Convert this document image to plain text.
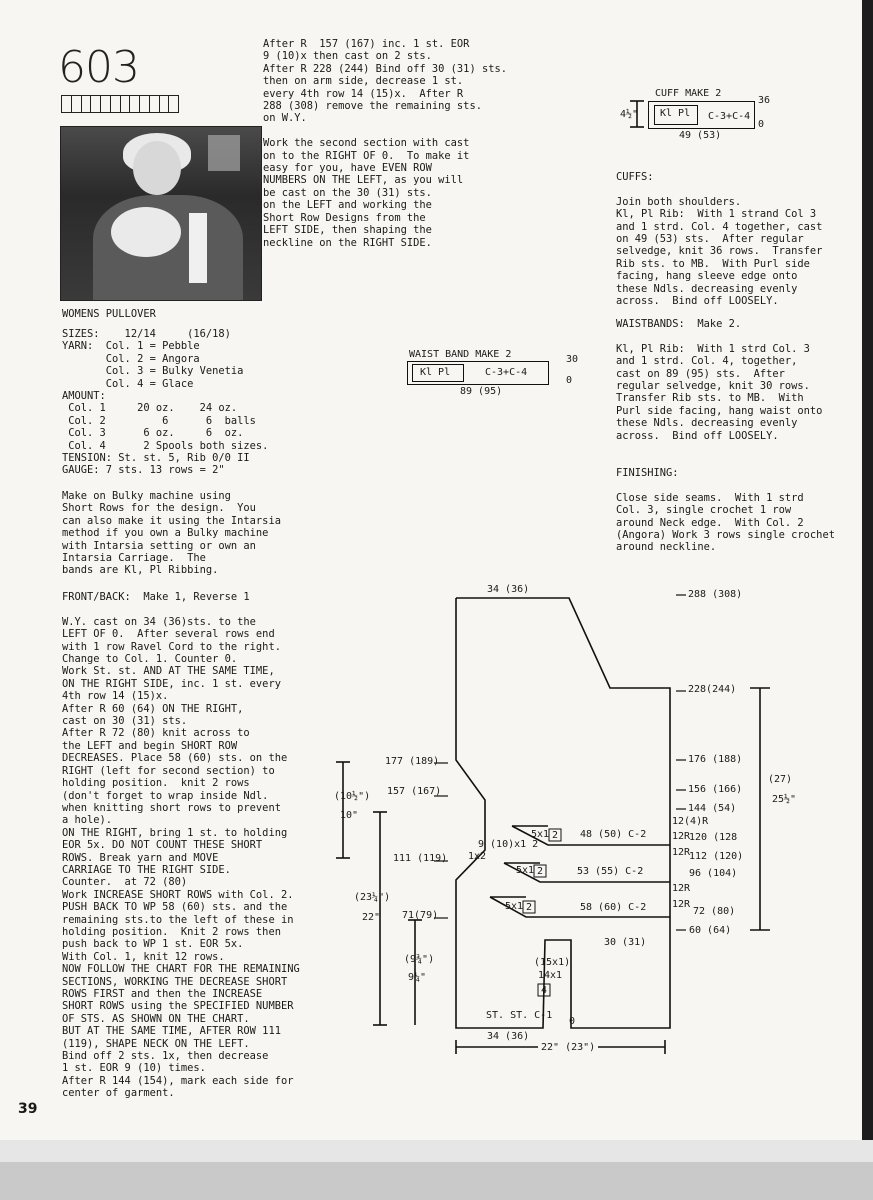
603
WOMENS PULLOVER
SIZES:    12/14     (16/18)
YARN:  Col. 1 = Pebble
Col. 2 = Angora
Col. 3 = Bulky Venetia
Col. 4 = Glace
AMOUNT:
Col. 1     20 oz.    24 oz.
Col. 2         6      6  balls
Col. 3      6 oz.     6  oz.
Col. 4      2 Spools both sizes.
TENSION: St. st. 5, Rib 0/0 II
GAUGE: 7 sts. 13 rows = 2"
Make on Bulky machine using
Short Rows for the design.  You
can also make it using the Intarsia
method if you own a Bulky machine
with Intarsia setting or own an
Intarsia Carriage.  The
bands are Kl, Pl Ribbing.
FRONT/BACK:  Make 1, Reverse 1

W.Y. cast on 34 (36)sts. to the
LEFT OF 0.  After several rows end
with 1 row Ravel Cord to the right.
Change to Col. 1. Counter 0.
Work St. st. AND AT THE SAME TIME,
ON THE RIGHT SIDE, inc. 1 st. every
4th row 14 (15)x.
After R 60 (64) ON THE RIGHT,
cast on 30 (31) sts.
After R 72 (80) knit across to
the LEFT and begin SHORT ROW
DECREASES. Place 58 (60) sts. on the
RIGHT (left for second section) to
holding position.  knit 2 rows
(don't forget to wrap inside Ndl.
when knitting short rows to prevent
a hole).
ON THE RIGHT, bring 1 st. to holding
EOR 5x. DO NOT COUNT THESE SHORT
ROWS. Break yarn and MOVE
CARRIAGE TO THE RIGHT SIDE.
Counter.  at 72 (80)
Work INCREASE SHORT ROWS with Col. 2.
PUSH BACK TO WP 58 (60) sts. and the
remaining sts.to the left of these in
holding position.  Knit 2 rows then
push back to WP 1 st. EOR 5x.
With Col. 1, knit 12 rows.
NOW FOLLOW THE CHART FOR THE REMAINING
SECTIONS, WORKING THE DECREASE SHORT
ROWS FIRST and then the INCREASE
SHORT ROWS using the SPECIFIED NUMBER
OF STS. AS SHOWN ON THE CHART.
BUT AT THE SAME TIME, AFTER ROW 111
(119), SHAPE NECK ON THE LEFT.
Bind off 2 sts. 1x, then decrease
1 st. EOR 9 (10) times.
After R 144 (154), mark each side for
center of garment.
After R  157 (167) inc. 1 st. EOR
9 (10)x then cast on 2 sts.
After R 228 (244) Bind off 30 (31) sts.
then on arm side, decrease 1 st.
every 4th row 14 (15)x.  After R
288 (308) remove the remaining sts.
on W.Y.

Work the second section with cast
on to the RIGHT OF 0.  To make it
easy for you, have EVEN ROW
NUMBERS ON THE LEFT, as you will
be cast on the 30 (31) sts.
on the LEFT and working the
Short Row Designs from the
LEFT SIDE, then shaping the
neckline on the RIGHT SIDE.
CUFFS:

Join both shoulders.
Kl, Pl Rib:  With 1 strand Col 3
and 1 strd. Col. 4 together, cast
on 49 (53) sts.  After regular
selvedge, knit 36 rows.  Transfer
Rib sts. to MB.  With Purl side
facing, hang sleeve edge onto
these Ndls. decreasing evenly
across.  Bind off LOOSELY.
WAISTBANDS:  Make 2.

Kl, Pl Rib:  With 1 strd Col. 3
and 1 strd. Col. 4, together,
cast on 89 (95) sts.  After
regular selvedge, knit 30 rows.
Transfer Rib sts. to MB.  With
Purl side facing, hang waist onto
these Ndls. decreasing evenly
across.  Bind off LOOSELY.
FINISHING:

Close side seams.  With 1 strd
Col. 3, single crochet 1 row
around Neck edge.  With Col. 2
(Angora) Work 3 rows single crochet
around neckline.
CUFF MAKE 2
Kl Pl C-3+C-4
36
0
49 (53)
4½"
WAIST BAND MAKE 2
Kl Pl	C-3+C-4
30
0
89 (95)
34 (36)
34 (36)
22" (23")
ST. ST. C-1
0
288 (308)
228(244)
176 (188)
156 (166)
144 (54)
12(4)R
12R
120 (128
12R
112 (120)
96 (104)
12R
12R
72 (80)
60 (64)
(27)
25½"
177 (189)
157 (167)
111 (119)
71(79)
(10½")
10"
(23¼")
22"
(9¾")
9¼"
9 (10)x1 2
1x2
5x1 2 48 (50) C-2
5x1 2	53 (55) C-2
5x1 2	58 (60) C-2
30 (31)
(15x1)
14x1
4
39
